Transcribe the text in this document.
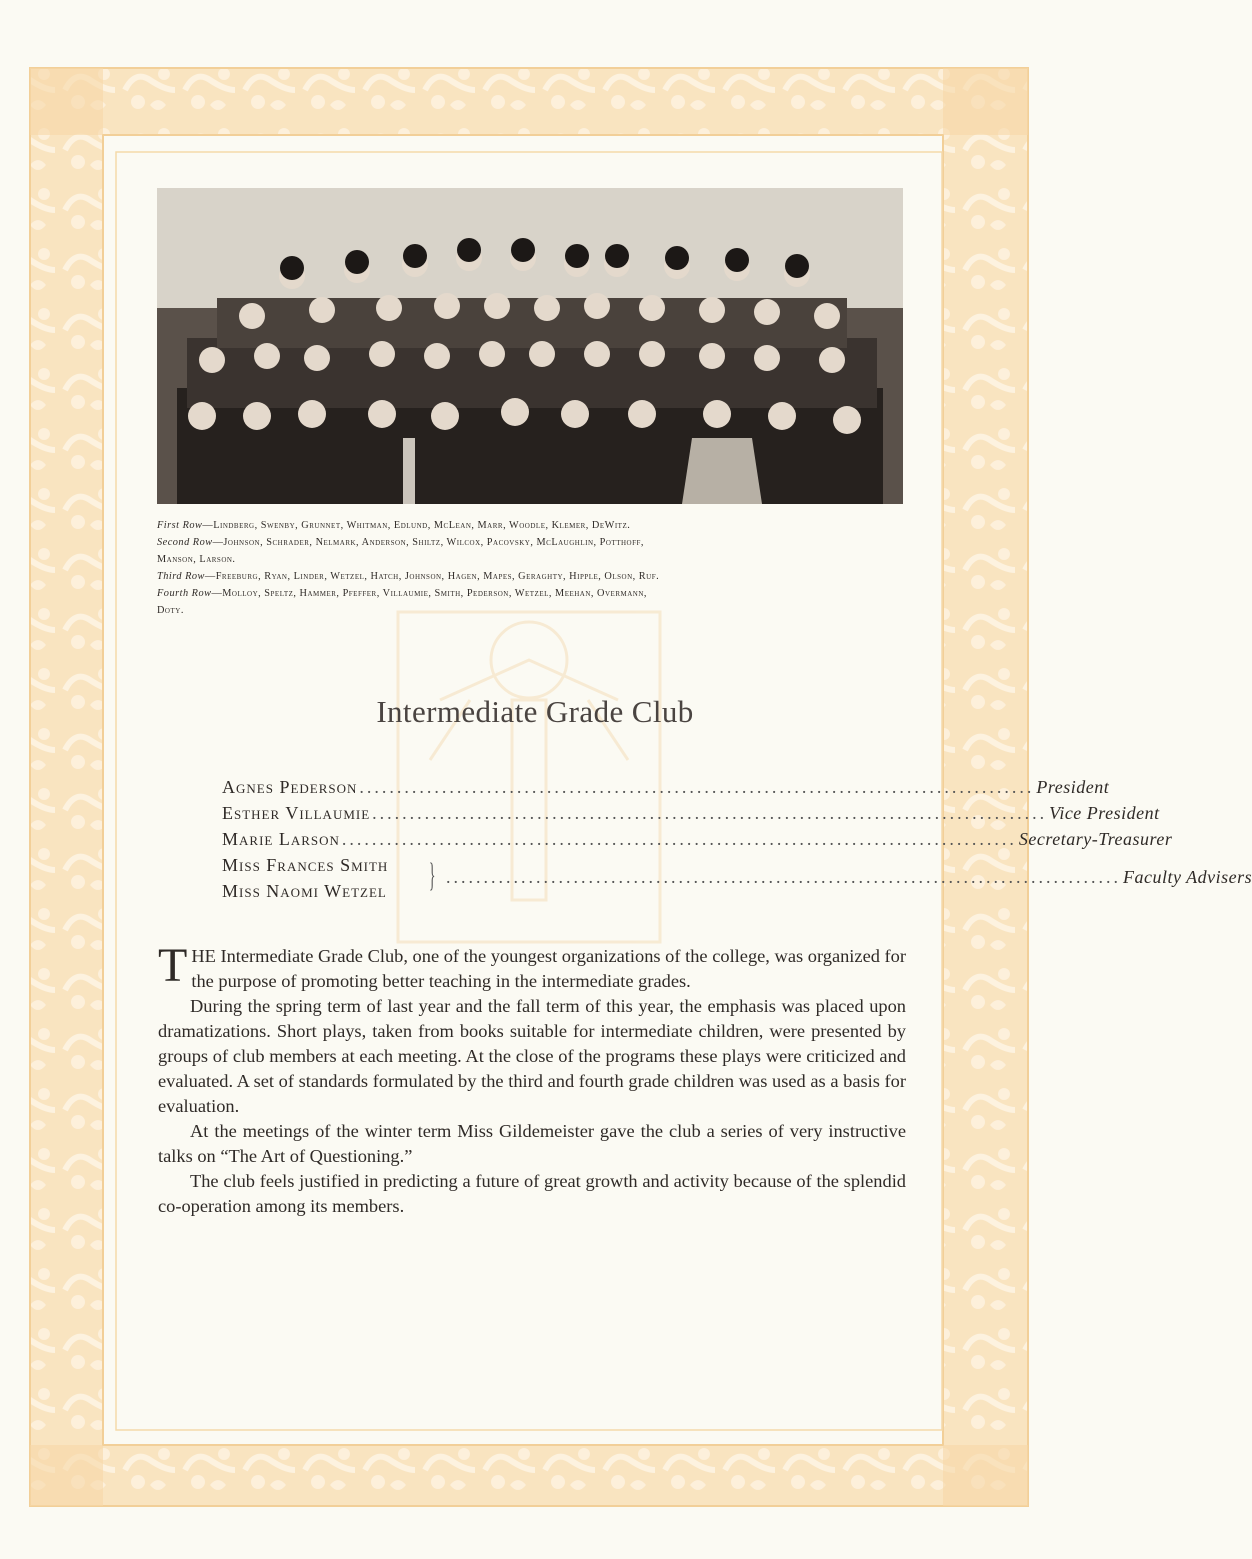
First Row—Lindberg, Swenby, Grunnet, Whitman, Edlund, McLean, Marr, Woodle, Klemer, DeWitz.

Second Row—Johnson, Schrader, Nelmark, Anderson, Shiltz, Wilcox, Pacovsky, McLaughlin, Potthoff,

Manson, Larson.

Third Row—Freeburg, Ryan, Linder, Wetzel, Hatch, Johnson, Hagen, Mapes, Geraghty, Hipple, Olson, Ruf.

Fourth Row—Molloy, Speltz, Hammer, Pfeffer, Villaumie, Smith, Pederson, Wetzel, Meehan, Overmann,

Doty.

Intermediate Grade Club
Agnes Pederson .......................................................................................... President
Esther Villaumie .......................................................................................... Vice President
Marie Larson .......................................................................................... Secretary-Treasurer
Miss Frances Smith
Miss Naomi Wetzel } .......................................................................................... Faculty Advisers

THE Intermediate Grade Club, one of the youngest organizations of the college, was organized for the purpose of promoting better teaching in the intermediate grades.

During the spring term of last year and the fall term of this year, the emphasis was placed upon dramatizations. Short plays, taken from books suitable for intermediate children, were presented by groups of club members at each meeting. At the close of the programs these plays were criticized and evaluated. A set of standards formulated by the third and fourth grade children was used as a basis for evaluation.

At the meetings of the winter term Miss Gildemeister gave the club a series of very instructive talks on “The Art of Questioning.”

The club feels justified in predicting a future of great growth and activity because of the splendid co-operation among its members.
